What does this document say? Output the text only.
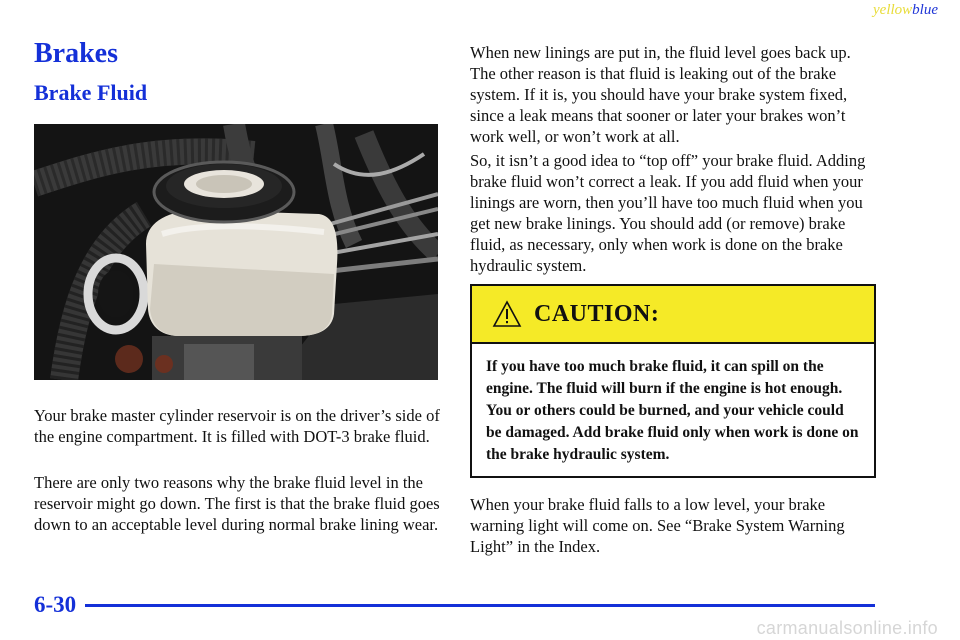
yellowblue
Brakes
Brake Fluid

Your brake master cylinder reservoir is on the driver’s side of the engine compartment. It is filled with DOT-3 brake fluid.

There are only two reasons why the brake fluid level in the reservoir might go down. The first is that the brake fluid goes down to an acceptable level during normal brake lining wear.

When new linings are put in, the fluid level goes back up. The other reason is that fluid is leaking out of the brake system. If it is, you should have your brake system fixed, since a leak means that sooner or later your brakes won’t work well, or won’t work at all.

So, it isn’t a good idea to “top off” your brake fluid. Adding brake fluid won’t correct a leak. If you add fluid when your linings are worn, then you’ll have too much fluid when you get new brake linings. You should add (or remove) brake fluid, as necessary, only when work is done on the brake hydraulic system.

CAUTION:
If you have too much brake fluid, it can spill on the engine. The fluid will burn if the engine is hot enough. You or others could be burned, and your vehicle could be damaged. Add brake fluid only when work is done on the brake hydraulic system.

When your brake fluid falls to a low level, your brake warning light will come on. See “Brake System Warning Light” in the Index.

6-30
carmanualsonline.info
